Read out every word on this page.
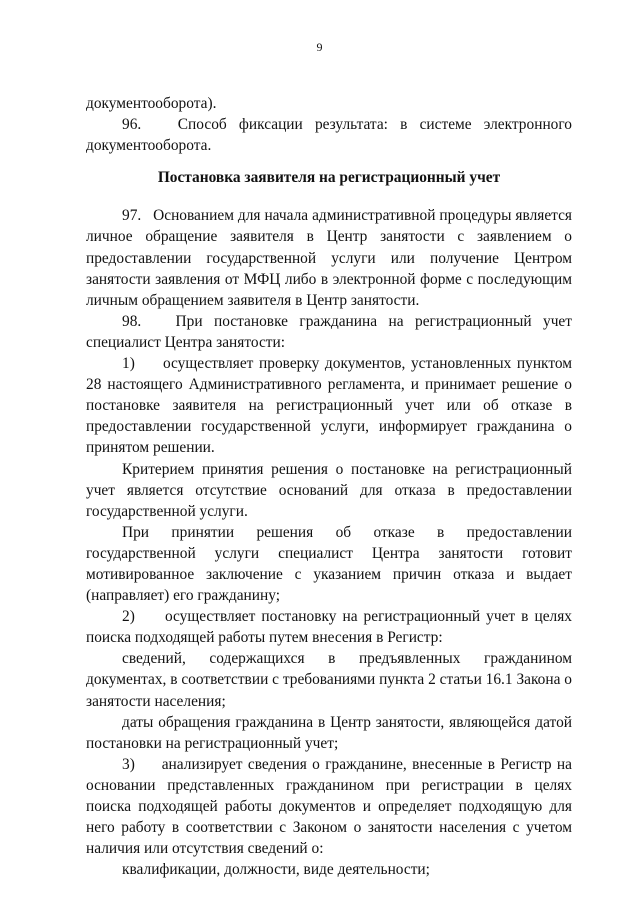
9

документооборота).

96.   Способ фиксации результата: в системе электронного документооборота.

Постановка заявителя на регистрационный учет

97.   Основанием для начала административной процедуры является личное обращение заявителя в Центр занятости с заявлением о предоставлении государственной услуги или получение Центром занятости заявления от МФЦ либо в электронной форме с последующим личным обращением заявителя в Центр занятости.

98.   При постановке гражданина на регистрационный учет специалист Центра занятости:

1)     осуществляет проверку документов, установленных пунктом 28 настоящего Административного регламента, и принимает решение о постановке заявителя на регистрационный учет или об отказе в предоставлении государственной услуги, информирует гражданина о принятом решении.

Критерием принятия решения о постановке на регистрационный учет является отсутствие оснований для отказа в предоставлении государственной услуги.

При принятии решения об отказе в предоставлении государственной услуги специалист Центра занятости готовит мотивированное заключение с указанием причин отказа и выдает (направляет) его гражданину;

2)     осуществляет постановку на регистрационный учет в целях поиска подходящей работы путем внесения в Регистр:

сведений, содержащихся в предъявленных гражданином документах, в соответствии с требованиями пункта 2 статьи 16.1 Закона о занятости населения;

даты обращения гражданина в Центр занятости, являющейся датой постановки на регистрационный учет;

3)     анализирует сведения о гражданине, внесенные в Регистр на основании представленных гражданином при регистрации в целях поиска подходящей работы документов и определяет подходящую для него работу в соответствии с Законом о занятости населения с учетом наличия или отсутствия сведений о:

квалификации, должности, виде деятельности;
